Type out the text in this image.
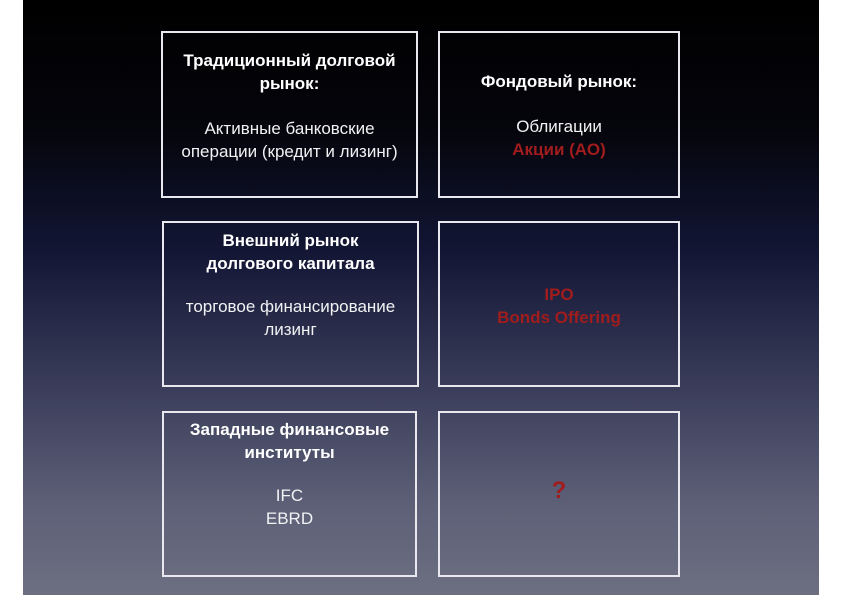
Традиционный долговой
рынок:
Активные банковские
операции (кредит и лизинг)
Фондовый рынок:
Облигации
Акции (АО)
Внешний рынок
долгового капитала
торговое финансирование
лизинг
IPO
Bonds Offering
Западные финансовые
институты
IFC
EBRD
?
